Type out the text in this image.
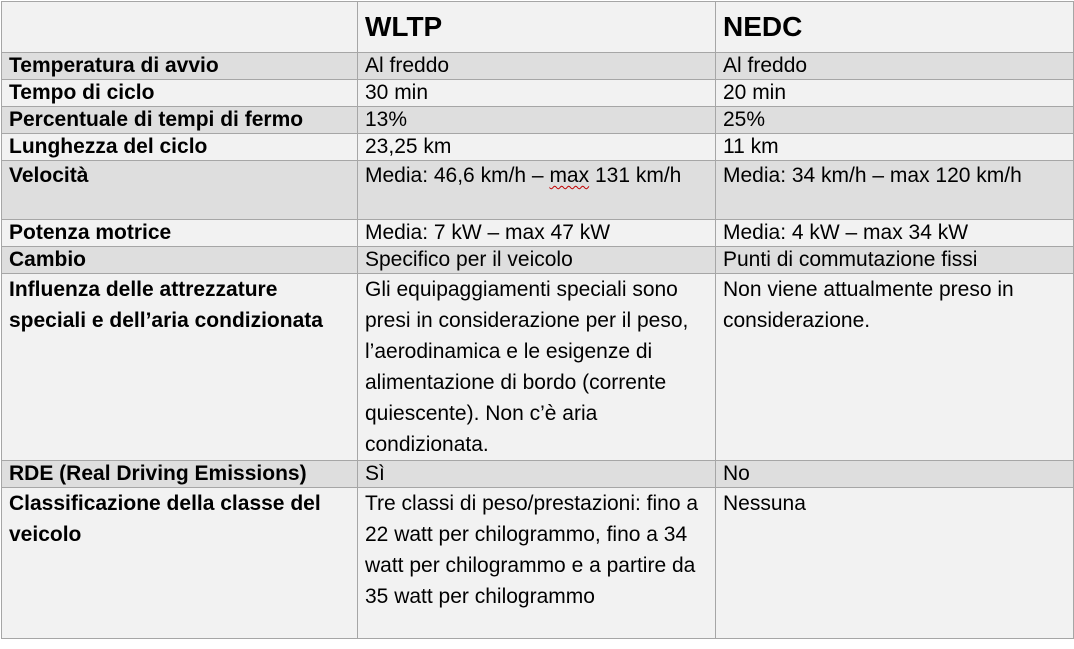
	WLTP	NEDC
Temperatura di avvio	Al freddo	Al freddo
Tempo di ciclo	30 min	20 min
Percentuale di tempi di fermo	13%	25%
Lunghezza del ciclo	23,25 km	11 km
Velocità	Media: 46,6 km/h – max 131 km/h	Media: 34 km/h – max 120 km/h
Potenza motrice	Media: 7 kW – max 47 kW	Media: 4 kW – max 34 kW
Cambio	Specifico per il veicolo	Punti di commutazione fissi
Influenza delle attrezzature speciali e dell’aria condizionata	Gli equipaggiamenti speciali sono presi in considerazione per il peso, l’aerodinamica e le esigenze di alimentazione di bordo (corrente quiescente). Non c’è aria condizionata.	Non viene attualmente preso in considerazione.
RDE (Real Driving Emissions)	Sì	No
Classificazione della classe del veicolo	Tre classi di peso/prestazioni: fino a 22 watt per chilogrammo, fino a 34 watt per chilogrammo e a partire da 35 watt per chilogrammo	Nessuna
